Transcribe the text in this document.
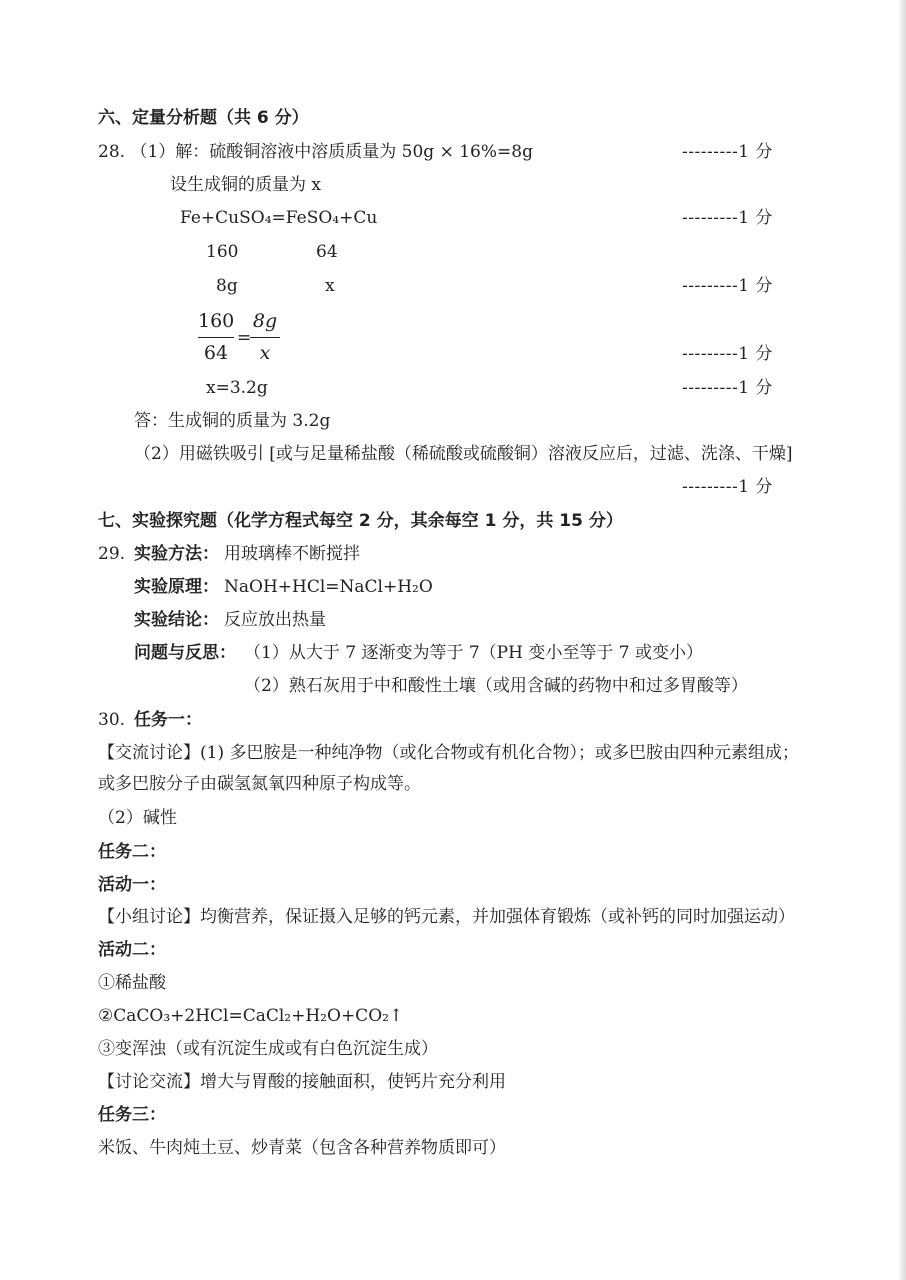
六、定量分析题（共 6 分）
28. （1）解：硫酸铜溶液中溶质质量为 50g × 16%=8g	---------1 分
设生成铜的质量为 x
Fe+CuSO₄=FeSO₄+Cu	---------1 分
160	64
8g	x	---------1 分
160
64
8g
x
=
---------1 分
x=3.2g	---------1 分
答：生成铜的质量为 3.2g
（2）用磁铁吸引 [或与足量稀盐酸（稀硫酸或硫酸铜）溶液反应后，过滤、洗涤、干燥]
---------1 分
七、实验探究题（化学方程式每空 2 分，其余每空 1 分，共 15 分）
29. 实验方法： 用玻璃棒不断搅拌
实验原理： NaOH+HCl=NaCl+H₂O
实验结论： 反应放出热量
问题与反思： （1）从大于 7 逐渐变为等于 7（PH 变小至等于 7 或变小）
（2）熟石灰用于中和酸性土壤（或用含碱的药物中和过多胃酸等）
30. 任务一：
【交流讨论】(1) 多巴胺是一种纯净物（或化合物或有机化合物）；或多巴胺由四种元素组成；
或多巴胺分子由碳氢氮氧四种原子构成等。
（2）碱性
任务二：
活动一：
【小组讨论】均衡营养，保证摄入足够的钙元素，并加强体育锻炼（或补钙的同时加强运动）
活动二：
①稀盐酸
②CaCO₃+2HCl=CaCl₂+H₂O+CO₂↑
③变浑浊（或有沉淀生成或有白色沉淀生成）
【讨论交流】增大与胃酸的接触面积，使钙片充分利用
任务三：
米饭、牛肉炖土豆、炒青菜（包含各种营养物质即可）
